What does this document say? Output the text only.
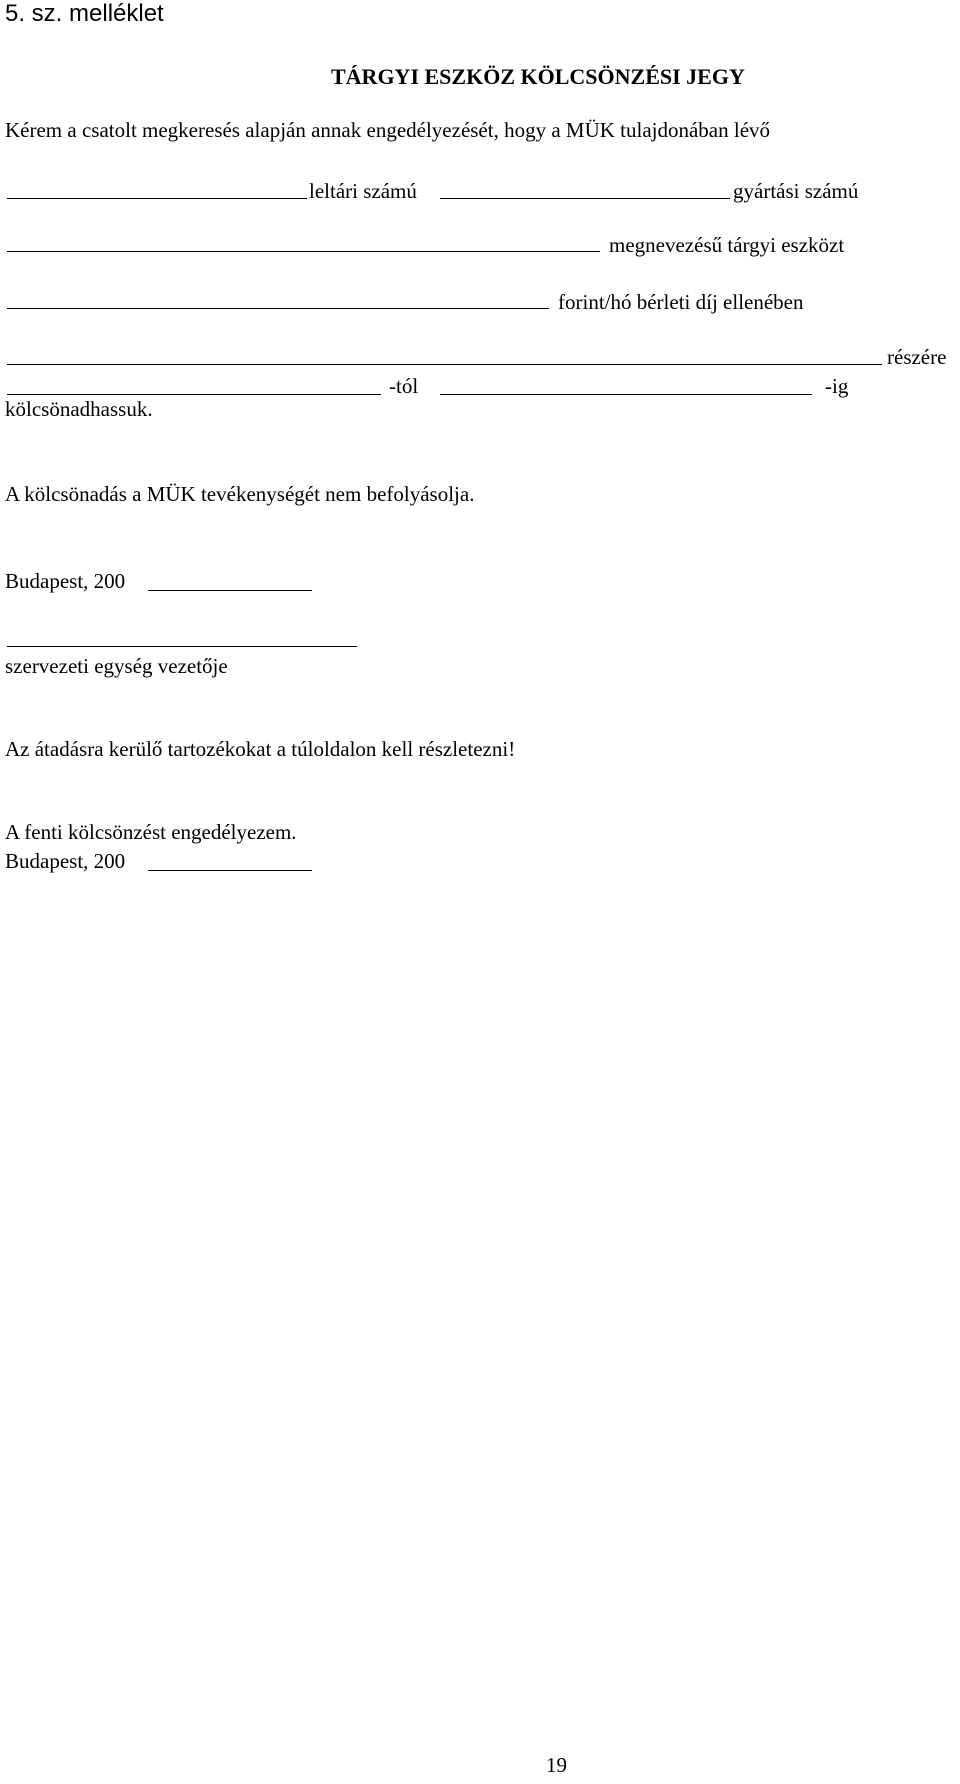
5. sz. melléklet
TÁRGYI ESZKÖZ KÖLCSÖNZÉSI JEGY
Kérem a csatolt megkeresés alapján annak engedélyezését, hogy a MÜK tulajdonában lévő
leltári számú	gyártási számú
megnevezésű tárgyi eszközt
forint/hó bérleti díj ellenében
részére
-tól	-ig
kölcsönadhassuk.
A kölcsönadás a MÜK tevékenységét nem befolyásolja.
Budapest, 200
szervezeti egység vezetője
Az átadásra kerülő tartozékokat a túloldalon kell részletezni!
A fenti kölcsönzést engedélyezem.
Budapest, 200
19
